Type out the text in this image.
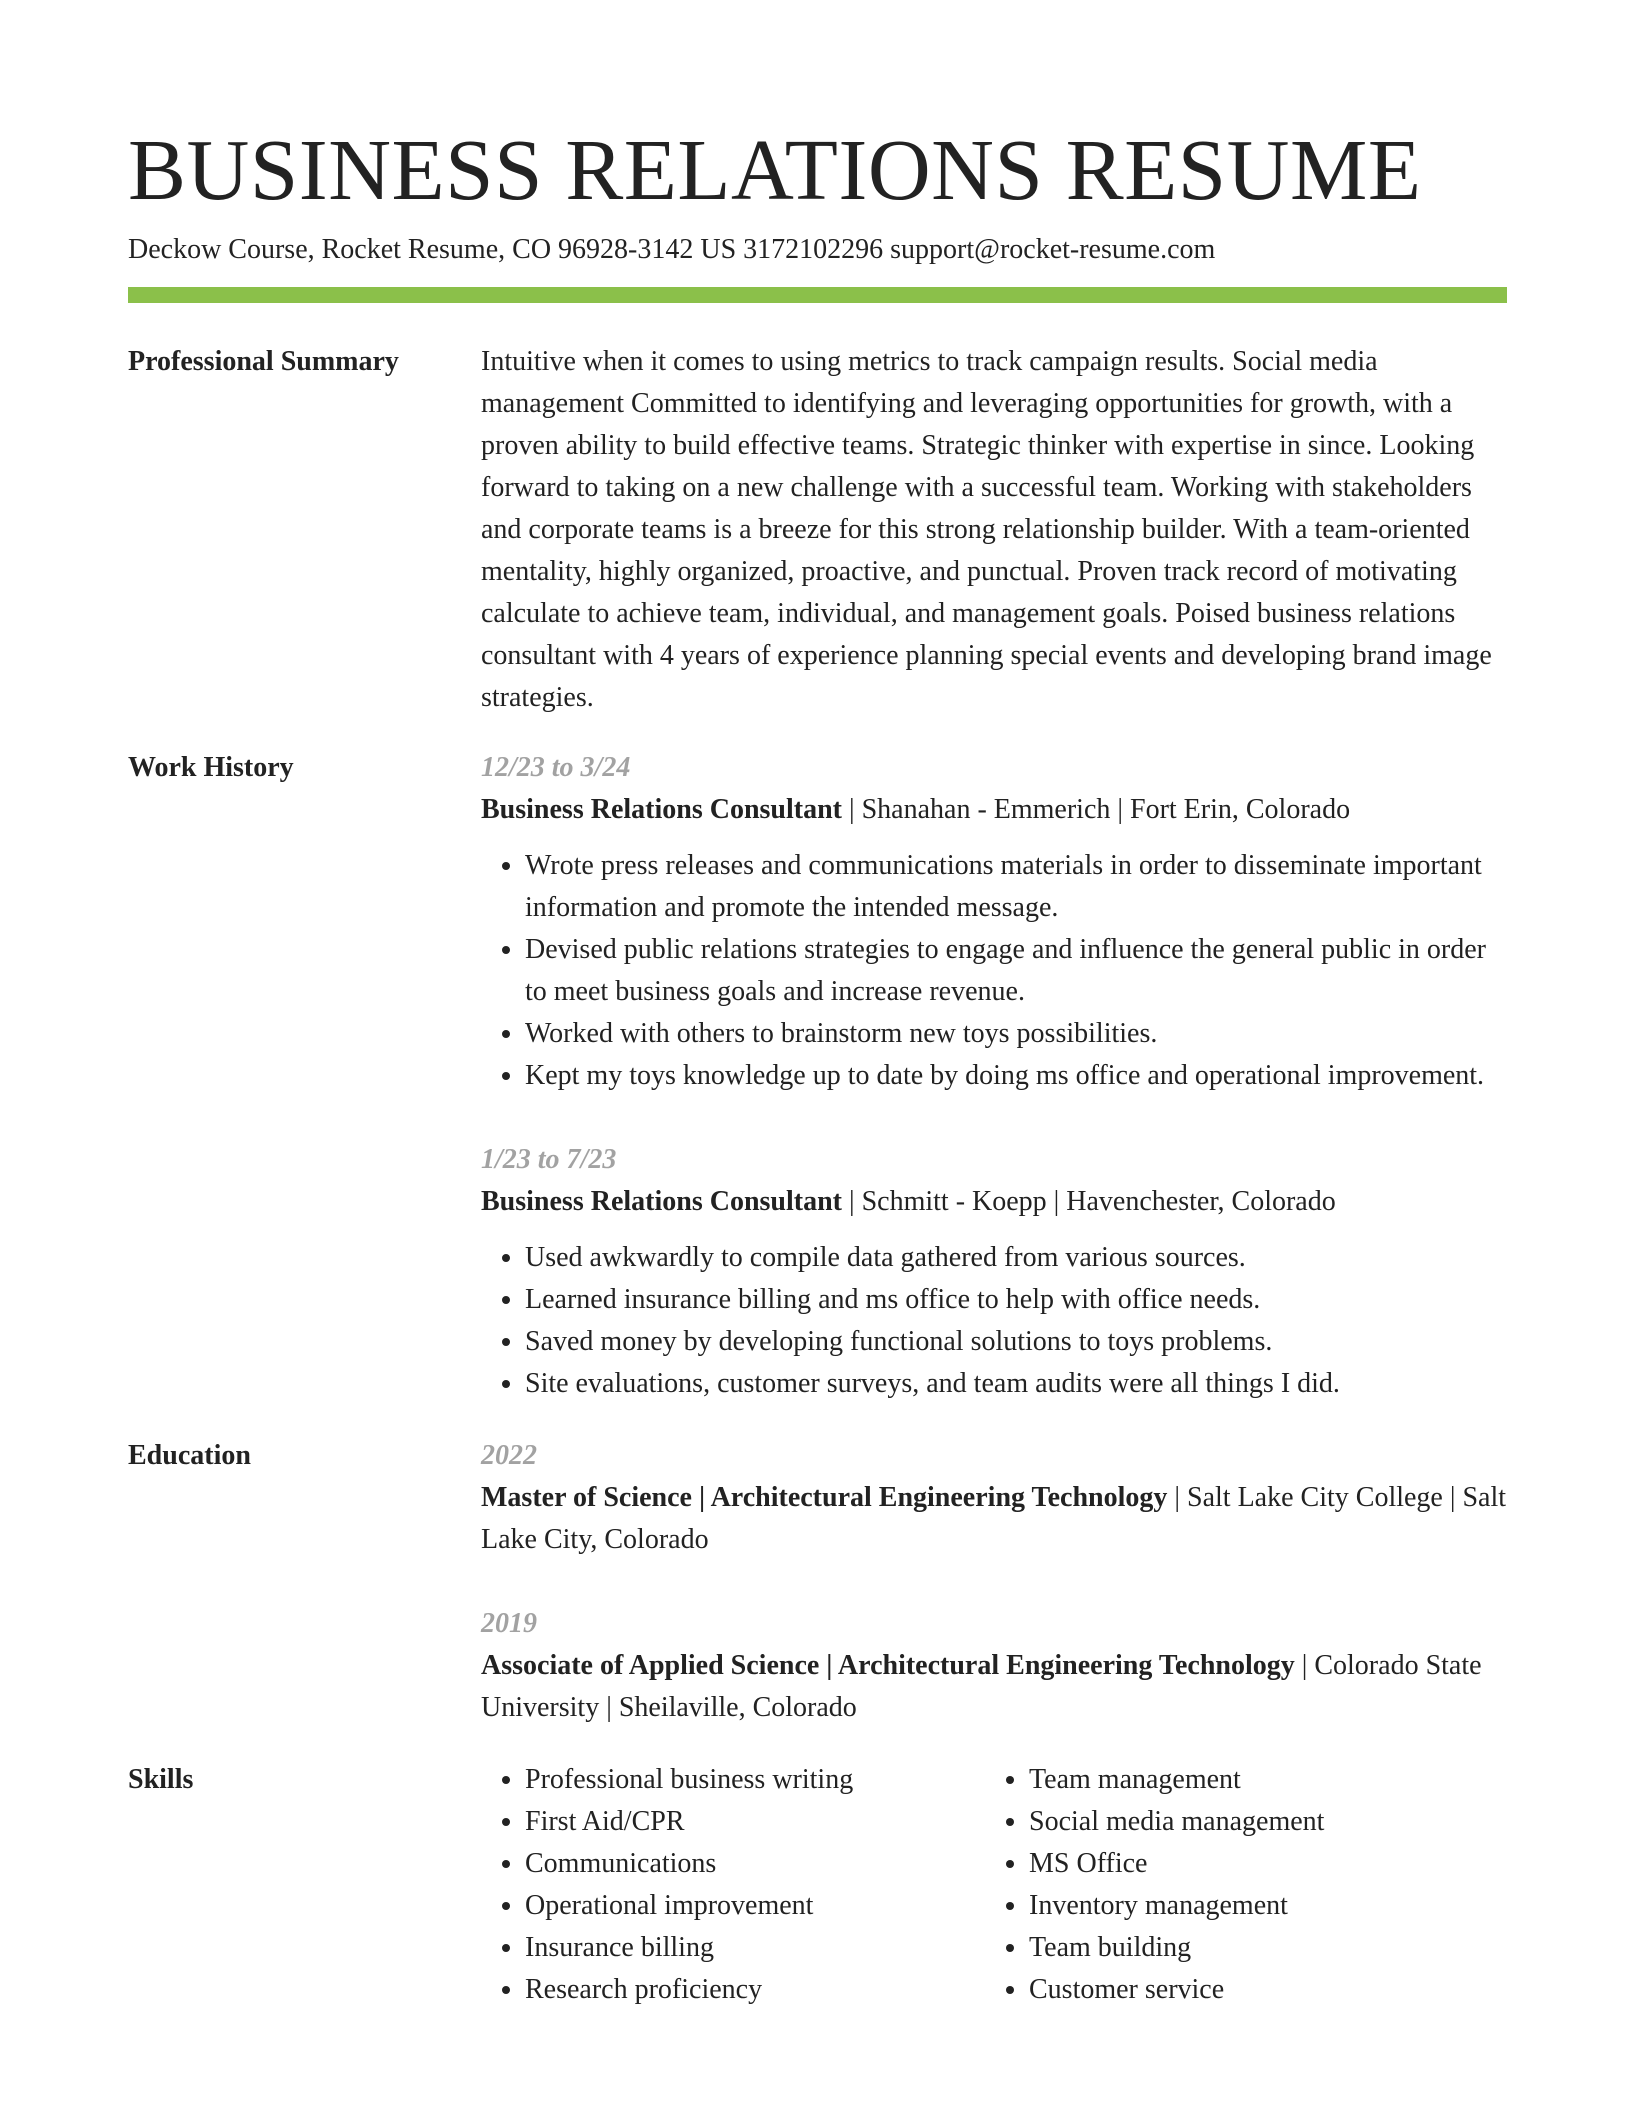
BUSINESS RELATIONS RESUME
Deckow Course, Rocket Resume, CO 96928-3142 US 3172102296 support@rocket-resume.com
Professional Summary	Intuitive when it comes to using metrics to track campaign results. Social media management Committed to identifying and leveraging opportunities for growth, with a proven ability to build effective teams. Strategic thinker with expertise in since. Looking forward to taking on a new challenge with a successful team. Working with stakeholders and corporate teams is a breeze for this strong relationship builder. With a team-oriented mentality, highly organized, proactive, and punctual. Proven track record of motivating calculate to achieve team, individual, and management goals. Poised business relations consultant with 4 years of experience planning special events and developing brand image strategies.

Work History	12/23 to 3/24
Business Relations Consultant | Shanahan - Emmerich | Fort Erin, Colorado
• Wrote press releases and communications materials in order to disseminate important information and promote the intended message.
• Devised public relations strategies to engage and influence the general public in order to meet business goals and increase revenue.
• Worked with others to brainstorm new toys possibilities.
• Kept my toys knowledge up to date by doing ms office and operational improvement.
1/23 to 7/23
Business Relations Consultant | Schmitt - Koepp | Havenchester, Colorado
• Used awkwardly to compile data gathered from various sources.
• Learned insurance billing and ms office to help with office needs.
• Saved money by developing functional solutions to toys problems.
• Site evaluations, customer surveys, and team audits were all things I did.
Education	2022
Master of Science | Architectural Engineering Technology | Salt Lake City College | Salt Lake City, Colorado
2019
Associate of Applied Science | Architectural Engineering Technology | Colorado State University | Sheilaville, Colorado
Skills
•	Professional business writing
• First Aid/CPR
• Communications
• Operational improvement
• Insurance billing
• Research proficiency
• Team management
• Social media management
• MS Office
• Inventory management
• Team building
• Customer service
